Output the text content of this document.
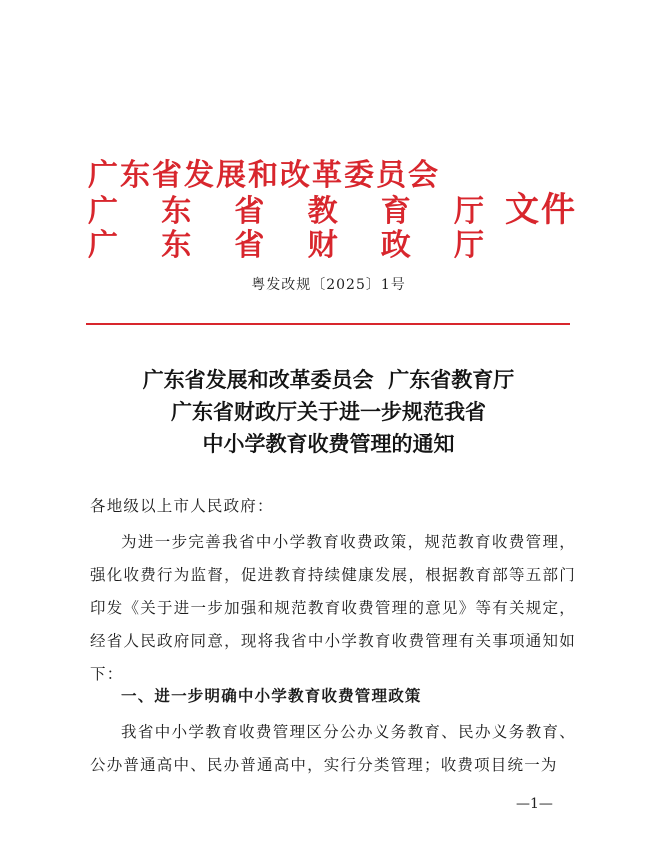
广 东 省 发 展 和 改 革 委 员 会
广 东 省 教 育 厅
广 东 省 财 政 厅
文件
粤发改规〔2025〕1号
广东省发展和改革委员会  广东省教育厅
广东省财政厅关于进一步规范我省
中小学教育收费管理的通知
各地级以上市人民政府：
为进一步完善我省中小学教育收费政策，规范教育收费管理，强化收费行为监督，促进教育持续健康发展，根据教育部等五部门印发《关于进一步加强和规范教育收费管理的意见》等有关规定，经省人民政府同意，现将我省中小学教育收费管理有关事项通知如下：
一、进一步明确中小学教育收费管理政策
我省中小学教育收费管理区分公办义务教育、民办义务教育、公办普通高中、民办普通高中，实行分类管理；收费项目统一为
—1—
